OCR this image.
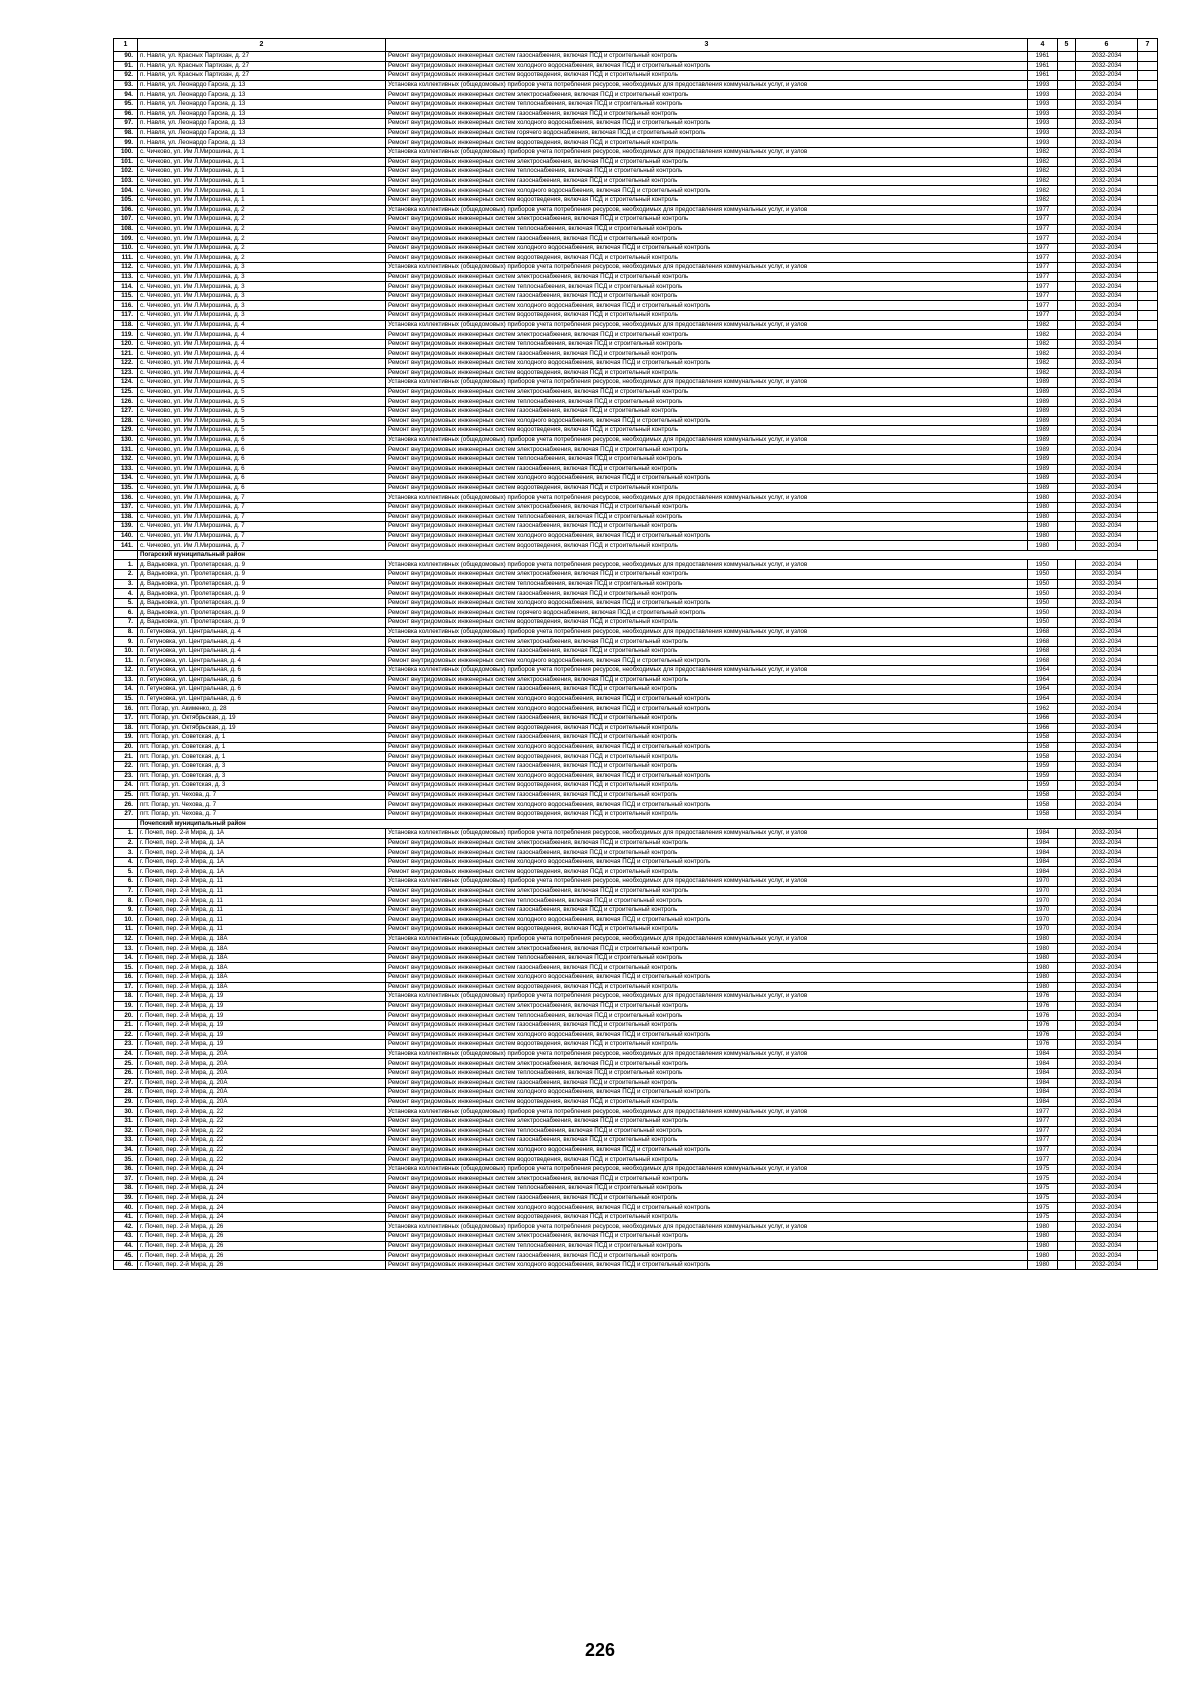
1	2	3	4	5	6	7
90.	п. Навля, ул. Красных Партизан, д. 27	Ремонт внутридомовых инженерных систем газоснабжения, включая ПСД и строительный контроль	1961		2032-2034	
91.	п. Навля, ул. Красных Партизан, д. 27	Ремонт внутридомовых инженерных систем холодного водоснабжения, включая ПСД и строительный контроль	1961		2032-2034	
92.	п. Навля, ул. Красных Партизан, д. 27	Ремонт внутридомовых инженерных систем водоотведения, включая ПСД и строительный контроль	1961		2032-2034	
93.	п. Навля, ул. Леонардо Гарсиа, д. 13	Установка коллективных (общедомовых) приборов учета потребления ресурсов, необходимых для предоставления коммунальных услуг, и узлов	1993		2032-2034	
94.	п. Навля, ул. Леонардо Гарсиа, д. 13	Ремонт внутридомовых инженерных систем электроснабжения, включая ПСД и строительный контроль	1993		2032-2034	
95.	п. Навля, ул. Леонардо Гарсиа, д. 13	Ремонт внутридомовых инженерных систем теплоснабжения, включая ПСД и строительный контроль	1993		2032-2034	
96.	п. Навля, ул. Леонардо Гарсиа, д. 13	Ремонт внутридомовых инженерных систем газоснабжения, включая ПСД и строительный контроль	1993		2032-2034	
97.	п. Навля, ул. Леонардо Гарсиа, д. 13	Ремонт внутридомовых инженерных систем холодного водоснабжения, включая ПСД и строительный контроль	1993		2032-2034	
98.	п. Навля, ул. Леонардо Гарсиа, д. 13	Ремонт внутридомовых инженерных систем горячего водоснабжения, включая ПСД и строительный контроль	1993		2032-2034	
99.	п. Навля, ул. Леонардо Гарсиа, д. 13	Ремонт внутридомовых инженерных систем водоотведения, включая ПСД и строительный контроль	1993		2032-2034	
100.	с. Чичково, ул. Им Л.Мирошина, д. 1	Установка коллективных (общедомовых) приборов учета потребления ресурсов, необходимых для предоставления коммунальных услуг, и узлов	1982		2032-2034	
101.	с. Чичково, ул. Им Л.Мирошина, д. 1	Ремонт внутридомовых инженерных систем электроснабжения, включая ПСД и строительный контроль	1982		2032-2034	
102.	с. Чичково, ул. Им Л.Мирошина, д. 1	Ремонт внутридомовых инженерных систем теплоснабжения, включая ПСД и строительный контроль	1982		2032-2034	
103.	с. Чичково, ул. Им Л.Мирошина, д. 1	Ремонт внутридомовых инженерных систем газоснабжения, включая ПСД и строительный контроль	1982		2032-2034	
104.	с. Чичково, ул. Им Л.Мирошина, д. 1	Ремонт внутридомовых инженерных систем холодного водоснабжения, включая ПСД и строительный контроль	1982		2032-2034	
105.	с. Чичково, ул. Им Л.Мирошина, д. 1	Ремонт внутридомовых инженерных систем водоотведения, включая ПСД и строительный контроль	1982		2032-2034	
106.	с. Чичково, ул. Им Л.Мирошина, д. 2	Установка коллективных (общедомовых) приборов учета потребления ресурсов, необходимых для предоставления коммунальных услуг, и узлов	1977		2032-2034	
107.	с. Чичково, ул. Им Л.Мирошина, д. 2	Ремонт внутридомовых инженерных систем электроснабжения, включая ПСД и строительный контроль	1977		2032-2034	
108.	с. Чичково, ул. Им Л.Мирошина, д. 2	Ремонт внутридомовых инженерных систем теплоснабжения, включая ПСД и строительный контроль	1977		2032-2034	
109.	с. Чичково, ул. Им Л.Мирошина, д. 2	Ремонт внутридомовых инженерных систем газоснабжения, включая ПСД и строительный контроль	1977		2032-2034	
110.	с. Чичково, ул. Им Л.Мирошина, д. 2	Ремонт внутридомовых инженерных систем холодного водоснабжения, включая ПСД и строительный контроль	1977		2032-2034	
111.	с. Чичково, ул. Им Л.Мирошина, д. 2	Ремонт внутридомовых инженерных систем водоотведения, включая ПСД и строительный контроль	1977		2032-2034	
112.	с. Чичково, ул. Им Л.Мирошина, д. 3	Установка коллективных (общедомовых) приборов учета потребления ресурсов, необходимых для предоставления коммунальных услуг, и узлов	1977		2032-2034	
113.	с. Чичково, ул. Им Л.Мирошина, д. 3	Ремонт внутридомовых инженерных систем электроснабжения, включая ПСД и строительный контроль	1977		2032-2034	
114.	с. Чичково, ул. Им Л.Мирошина, д. 3	Ремонт внутридомовых инженерных систем теплоснабжения, включая ПСД и строительный контроль	1977		2032-2034	
115.	с. Чичково, ул. Им Л.Мирошина, д. 3	Ремонт внутридомовых инженерных систем газоснабжения, включая ПСД и строительный контроль	1977		2032-2034	
116.	с. Чичково, ул. Им Л.Мирошина, д. 3	Ремонт внутридомовых инженерных систем холодного водоснабжения, включая ПСД и строительный контроль	1977		2032-2034	
117.	с. Чичково, ул. Им Л.Мирошина, д. 3	Ремонт внутридомовых инженерных систем водоотведения, включая ПСД и строительный контроль	1977		2032-2034	
118.	с. Чичково, ул. Им Л.Мирошина, д. 4	Установка коллективных (общедомовых) приборов учета потребления ресурсов, необходимых для предоставления коммунальных услуг, и узлов	1982		2032-2034	
119.	с. Чичково, ул. Им Л.Мирошина, д. 4	Ремонт внутридомовых инженерных систем электроснабжения, включая ПСД и строительный контроль	1982		2032-2034	
120.	с. Чичково, ул. Им Л.Мирошина, д. 4	Ремонт внутридомовых инженерных систем теплоснабжения, включая ПСД и строительный контроль	1982		2032-2034	
121.	с. Чичково, ул. Им Л.Мирошина, д. 4	Ремонт внутридомовых инженерных систем газоснабжения, включая ПСД и строительный контроль	1982		2032-2034	
122.	с. Чичково, ул. Им Л.Мирошина, д. 4	Ремонт внутридомовых инженерных систем холодного водоснабжения, включая ПСД и строительный контроль	1982		2032-2034	
123.	с. Чичково, ул. Им Л.Мирошина, д. 4	Ремонт внутридомовых инженерных систем водоотведения, включая ПСД и строительный контроль	1982		2032-2034	
124.	с. Чичково, ул. Им Л.Мирошина, д. 5	Установка коллективных (общедомовых) приборов учета потребления ресурсов, необходимых для предоставления коммунальных услуг, и узлов	1989		2032-2034	
125.	с. Чичково, ул. Им Л.Мирошина, д. 5	Ремонт внутридомовых инженерных систем электроснабжения, включая ПСД и строительный контроль	1989		2032-2034	
126.	с. Чичково, ул. Им Л.Мирошина, д. 5	Ремонт внутридомовых инженерных систем теплоснабжения, включая ПСД и строительный контроль	1989		2032-2034	
127.	с. Чичково, ул. Им Л.Мирошина, д. 5	Ремонт внутридомовых инженерных систем газоснабжения, включая ПСД и строительный контроль	1989		2032-2034	
128.	с. Чичково, ул. Им Л.Мирошина, д. 5	Ремонт внутридомовых инженерных систем холодного водоснабжения, включая ПСД и строительный контроль	1989		2032-2034	
129.	с. Чичково, ул. Им Л.Мирошина, д. 5	Ремонт внутридомовых инженерных систем водоотведения, включая ПСД и строительный контроль	1989		2032-2034	
130.	с. Чичково, ул. Им Л.Мирошина, д. 6	Установка коллективных (общедомовых) приборов учета потребления ресурсов, необходимых для предоставления коммунальных услуг, и узлов	1989		2032-2034	
131.	с. Чичково, ул. Им Л.Мирошина, д. 6	Ремонт внутридомовых инженерных систем электроснабжения, включая ПСД и строительный контроль	1989		2032-2034	
132.	с. Чичково, ул. Им Л.Мирошина, д. 6	Ремонт внутридомовых инженерных систем теплоснабжения, включая ПСД и строительный контроль	1989		2032-2034	
133.	с. Чичково, ул. Им Л.Мирошина, д. 6	Ремонт внутридомовых инженерных систем газоснабжения, включая ПСД и строительный контроль	1989		2032-2034	
134.	с. Чичково, ул. Им Л.Мирошина, д. 6	Ремонт внутридомовых инженерных систем холодного водоснабжения, включая ПСД и строительный контроль	1989		2032-2034	
135.	с. Чичково, ул. Им Л.Мирошина, д. 6	Ремонт внутридомовых инженерных систем водоотведения, включая ПСД и строительный контроль	1989		2032-2034	
136.	с. Чичково, ул. Им Л.Мирошина, д. 7	Установка коллективных (общедомовых) приборов учета потребления ресурсов, необходимых для предоставления коммунальных услуг, и узлов	1980		2032-2034	
137.	с. Чичково, ул. Им Л.Мирошина, д. 7	Ремонт внутридомовых инженерных систем электроснабжения, включая ПСД и строительный контроль	1980		2032-2034	
138.	с. Чичково, ул. Им Л.Мирошина, д. 7	Ремонт внутридомовых инженерных систем теплоснабжения, включая ПСД и строительный контроль	1980		2032-2034	
139.	с. Чичково, ул. Им Л.Мирошина, д. 7	Ремонт внутридомовых инженерных систем газоснабжения, включая ПСД и строительный контроль	1980		2032-2034	
140.	с. Чичково, ул. Им Л.Мирошина, д. 7	Ремонт внутридомовых инженерных систем холодного водоснабжения, включая ПСД и строительный контроль	1980		2032-2034	
141.	с. Чичково, ул. Им Л.Мирошина, д. 7	Ремонт внутридомовых инженерных систем водоотведения, включая ПСД и строительный контроль	1980		2032-2034	
	Погарский муниципальный район					
1.	д. Вадьковка, ул. Пролетарская, д. 9	Установка коллективных (общедомовых) приборов учета потребления ресурсов, необходимых для предоставления коммунальных услуг, и узлов	1950		2032-2034	
2.	д. Вадьковка, ул. Пролетарская, д. 9	Ремонт внутридомовых инженерных систем электроснабжения, включая ПСД и строительный контроль	1950		2032-2034	
3.	д. Вадьковка, ул. Пролетарская, д. 9	Ремонт внутридомовых инженерных систем теплоснабжения, включая ПСД и строительный контроль	1950		2032-2034	
4.	д. Вадьковка, ул. Пролетарская, д. 9	Ремонт внутридомовых инженерных систем газоснабжения, включая ПСД и строительный контроль	1950		2032-2034	
5.	д. Вадьковка, ул. Пролетарская, д. 9	Ремонт внутридомовых инженерных систем холодного водоснабжения, включая ПСД и строительный контроль	1950		2032-2034	
6.	д. Вадьковка, ул. Пролетарская, д. 9	Ремонт внутридомовых инженерных систем горячего водоснабжения, включая ПСД и строительный контроль	1950		2032-2034	
7.	д. Вадьковка, ул. Пролетарская, д. 9	Ремонт внутридомовых инженерных систем водоотведения, включая ПСД и строительный контроль	1950		2032-2034	
8.	п. Гетуновка, ул. Центральная, д. 4	Установка коллективных (общедомовых) приборов учета потребления ресурсов, необходимых для предоставления коммунальных услуг, и узлов	1968		2032-2034	
9.	п. Гетуновка, ул. Центральная, д. 4	Ремонт внутридомовых инженерных систем электроснабжения, включая ПСД и строительный контроль	1968		2032-2034	
10.	п. Гетуновка, ул. Центральная, д. 4	Ремонт внутридомовых инженерных систем газоснабжения, включая ПСД и строительный контроль	1968		2032-2034	
11.	п. Гетуновка, ул. Центральная, д. 4	Ремонт внутридомовых инженерных систем холодного водоснабжения, включая ПСД и строительный контроль	1968		2032-2034	
12.	п. Гетуновка, ул. Центральная, д. 6	Установка коллективных (общедомовых) приборов учета потребления ресурсов, необходимых для предоставления коммунальных услуг, и узлов	1964		2032-2034	
13.	п. Гетуновка, ул. Центральная, д. 6	Ремонт внутридомовых инженерных систем электроснабжения, включая ПСД и строительный контроль	1964		2032-2034	
14.	п. Гетуновка, ул. Центральная, д. 6	Ремонт внутридомовых инженерных систем газоснабжения, включая ПСД и строительный контроль	1964		2032-2034	
15.	п. Гетуновка, ул. Центральная, д. 6	Ремонт внутридомовых инженерных систем холодного водоснабжения, включая ПСД и строительный контроль	1964		2032-2034	
16.	пгт. Погар, ул. Акименко, д. 28	Ремонт внутридомовых инженерных систем холодного водоснабжения, включая ПСД и строительный контроль	1962		2032-2034	
17.	пгт. Погар, ул. Октябрьская, д. 19	Ремонт внутридомовых инженерных систем газоснабжения, включая ПСД и строительный контроль	1966		2032-2034	
18.	пгт. Погар, ул. Октябрьская, д. 19	Ремонт внутридомовых инженерных систем водоотведения, включая ПСД и строительный контроль	1966		2032-2034	
19.	пгт. Погар, ул. Советская, д. 1	Ремонт внутридомовых инженерных систем газоснабжения, включая ПСД и строительный контроль	1958		2032-2034	
20.	пгт. Погар, ул. Советская, д. 1	Ремонт внутридомовых инженерных систем холодного водоснабжения, включая ПСД и строительный контроль	1958		2032-2034	
21.	пгт. Погар, ул. Советская, д. 1	Ремонт внутридомовых инженерных систем водоотведения, включая ПСД и строительный контроль	1958		2032-2034	
22.	пгт. Погар, ул. Советская, д. 3	Ремонт внутридомовых инженерных систем газоснабжения, включая ПСД и строительный контроль	1959		2032-2034	
23.	пгт. Погар, ул. Советская, д. 3	Ремонт внутридомовых инженерных систем холодного водоснабжения, включая ПСД и строительный контроль	1959		2032-2034	
24.	пгт. Погар, ул. Советская, д. 3	Ремонт внутридомовых инженерных систем водоотведения, включая ПСД и строительный контроль	1959		2032-2034	
25.	пгт. Погар, ул. Чехова, д. 7	Ремонт внутридомовых инженерных систем газоснабжения, включая ПСД и строительный контроль	1958		2032-2034	
26.	пгт. Погар, ул. Чехова, д. 7	Ремонт внутридомовых инженерных систем холодного водоснабжения, включая ПСД и строительный контроль	1958		2032-2034	
27.	пгт. Погар, ул. Чехова, д. 7	Ремонт внутридомовых инженерных систем водоотведения, включая ПСД и строительный контроль	1958		2032-2034	
	Почепский муниципальный район					
1.	г. Почеп, пер. 2-й Мира, д. 1А	Установка коллективных (общедомовых) приборов учета потребления ресурсов, необходимых для предоставления коммунальных услуг, и узлов	1984		2032-2034	
2.	г. Почеп, пер. 2-й Мира, д. 1А	Ремонт внутридомовых инженерных систем электроснабжения, включая ПСД и строительный контроль	1984		2032-2034	
3.	г. Почеп, пер. 2-й Мира, д. 1А	Ремонт внутридомовых инженерных систем газоснабжения, включая ПСД и строительный контроль	1984		2032-2034	
4.	г. Почеп, пер. 2-й Мира, д. 1А	Ремонт внутридомовых инженерных систем холодного водоснабжения, включая ПСД и строительный контроль	1984		2032-2034	
5.	г. Почеп, пер. 2-й Мира, д. 1А	Ремонт внутридомовых инженерных систем водоотведения, включая ПСД и строительный контроль	1984		2032-2034	
6.	г. Почеп, пер. 2-й Мира, д. 11	Установка коллективных (общедомовых) приборов учета потребления ресурсов, необходимых для предоставления коммунальных услуг, и узлов	1970		2032-2034	
7.	г. Почеп, пер. 2-й Мира, д. 11	Ремонт внутридомовых инженерных систем электроснабжения, включая ПСД и строительный контроль	1970		2032-2034	
8.	г. Почеп, пер. 2-й Мира, д. 11	Ремонт внутридомовых инженерных систем теплоснабжения, включая ПСД и строительный контроль	1970		2032-2034	
9.	г. Почеп, пер. 2-й Мира, д. 11	Ремонт внутридомовых инженерных систем газоснабжения, включая ПСД и строительный контроль	1970		2032-2034	
10.	г. Почеп, пер. 2-й Мира, д. 11	Ремонт внутридомовых инженерных систем холодного водоснабжения, включая ПСД и строительный контроль	1970		2032-2034	
11.	г. Почеп, пер. 2-й Мира, д. 11	Ремонт внутридомовых инженерных систем водоотведения, включая ПСД и строительный контроль	1970		2032-2034	
12.	г. Почеп, пер. 2-й Мира, д. 18А	Установка коллективных (общедомовых) приборов учета потребления ресурсов, необходимых для предоставления коммунальных услуг, и узлов	1980		2032-2034	
13.	г. Почеп, пер. 2-й Мира, д. 18А	Ремонт внутридомовых инженерных систем электроснабжения, включая ПСД и строительный контроль	1980		2032-2034	
14.	г. Почеп, пер. 2-й Мира, д. 18А	Ремонт внутридомовых инженерных систем теплоснабжения, включая ПСД и строительный контроль	1980		2032-2034	
15.	г. Почеп, пер. 2-й Мира, д. 18А	Ремонт внутридомовых инженерных систем газоснабжения, включая ПСД и строительный контроль	1980		2032-2034	
16.	г. Почеп, пер. 2-й Мира, д. 18А	Ремонт внутридомовых инженерных систем холодного водоснабжения, включая ПСД и строительный контроль	1980		2032-2034	
17.	г. Почеп, пер. 2-й Мира, д. 18А	Ремонт внутридомовых инженерных систем водоотведения, включая ПСД и строительный контроль	1980		2032-2034	
18.	г. Почеп, пер. 2-й Мира, д. 19	Установка коллективных (общедомовых) приборов учета потребления ресурсов, необходимых для предоставления коммунальных услуг, и узлов	1976		2032-2034	
19.	г. Почеп, пер. 2-й Мира, д. 19	Ремонт внутридомовых инженерных систем электроснабжения, включая ПСД и строительный контроль	1976		2032-2034	
20.	г. Почеп, пер. 2-й Мира, д. 19	Ремонт внутридомовых инженерных систем теплоснабжения, включая ПСД и строительный контроль	1976		2032-2034	
21.	г. Почеп, пер. 2-й Мира, д. 19	Ремонт внутридомовых инженерных систем газоснабжения, включая ПСД и строительный контроль	1976		2032-2034	
22.	г. Почеп, пер. 2-й Мира, д. 19	Ремонт внутридомовых инженерных систем холодного водоснабжения, включая ПСД и строительный контроль	1976		2032-2034	
23.	г. Почеп, пер. 2-й Мира, д. 19	Ремонт внутридомовых инженерных систем водоотведения, включая ПСД и строительный контроль	1976		2032-2034	
24.	г. Почеп, пер. 2-й Мира, д. 20А	Установка коллективных (общедомовых) приборов учета потребления ресурсов, необходимых для предоставления коммунальных услуг, и узлов	1984		2032-2034	
25.	г. Почеп, пер. 2-й Мира, д. 20А	Ремонт внутридомовых инженерных систем электроснабжения, включая ПСД и строительный контроль	1984		2032-2034	
26.	г. Почеп, пер. 2-й Мира, д. 20А	Ремонт внутридомовых инженерных систем теплоснабжения, включая ПСД и строительный контроль	1984		2032-2034	
27.	г. Почеп, пер. 2-й Мира, д. 20А	Ремонт внутридомовых инженерных систем газоснабжения, включая ПСД и строительный контроль	1984		2032-2034	
28.	г. Почеп, пер. 2-й Мира, д. 20А	Ремонт внутридомовых инженерных систем холодного водоснабжения, включая ПСД и строительный контроль	1984		2032-2034	
29.	г. Почеп, пер. 2-й Мира, д. 20А	Ремонт внутридомовых инженерных систем водоотведения, включая ПСД и строительный контроль	1984		2032-2034	
30.	г. Почеп, пер. 2-й Мира, д. 22	Установка коллективных (общедомовых) приборов учета потребления ресурсов, необходимых для предоставления коммунальных услуг, и узлов	1977		2032-2034	
31.	г. Почеп, пер. 2-й Мира, д. 22	Ремонт внутридомовых инженерных систем электроснабжения, включая ПСД и строительный контроль	1977		2032-2034	
32.	г. Почеп, пер. 2-й Мира, д. 22	Ремонт внутридомовых инженерных систем теплоснабжения, включая ПСД и строительный контроль	1977		2032-2034	
33.	г. Почеп, пер. 2-й Мира, д. 22	Ремонт внутридомовых инженерных систем газоснабжения, включая ПСД и строительный контроль	1977		2032-2034	
34.	г. Почеп, пер. 2-й Мира, д. 22	Ремонт внутридомовых инженерных систем холодного водоснабжения, включая ПСД и строительный контроль	1977		2032-2034	
35.	г. Почеп, пер. 2-й Мира, д. 22	Ремонт внутридомовых инженерных систем водоотведения, включая ПСД и строительный контроль	1977		2032-2034	
36.	г. Почеп, пер. 2-й Мира, д. 24	Установка коллективных (общедомовых) приборов учета потребления ресурсов, необходимых для предоставления коммунальных услуг, и узлов	1975		2032-2034	
37.	г. Почеп, пер. 2-й Мира, д. 24	Ремонт внутридомовых инженерных систем электроснабжения, включая ПСД и строительный контроль	1975		2032-2034	
38.	г. Почеп, пер. 2-й Мира, д. 24	Ремонт внутридомовых инженерных систем теплоснабжения, включая ПСД и строительный контроль	1975		2032-2034	
39.	г. Почеп, пер. 2-й Мира, д. 24	Ремонт внутридомовых инженерных систем газоснабжения, включая ПСД и строительный контроль	1975		2032-2034	
40.	г. Почеп, пер. 2-й Мира, д. 24	Ремонт внутридомовых инженерных систем холодного водоснабжения, включая ПСД и строительный контроль	1975		2032-2034	
41.	г. Почеп, пер. 2-й Мира, д. 24	Ремонт внутридомовых инженерных систем водоотведения, включая ПСД и строительный контроль	1975		2032-2034	
42.	г. Почеп, пер. 2-й Мира, д. 26	Установка коллективных (общедомовых) приборов учета потребления ресурсов, необходимых для предоставления коммунальных услуг, и узлов	1980		2032-2034	
43.	г. Почеп, пер. 2-й Мира, д. 26	Ремонт внутридомовых инженерных систем электроснабжения, включая ПСД и строительный контроль	1980		2032-2034	
44.	г. Почеп, пер. 2-й Мира, д. 26	Ремонт внутридомовых инженерных систем теплоснабжения, включая ПСД и строительный контроль	1980		2032-2034	
45.	г. Почеп, пер. 2-й Мира, д. 26	Ремонт внутридомовых инженерных систем газоснабжения, включая ПСД и строительный контроль	1980		2032-2034	
46.	г. Почеп, пер. 2-й Мира, д. 26	Ремонт внутридомовых инженерных систем холодного водоснабжения, включая ПСД и строительный контроль	1980		2032-2034	
226
